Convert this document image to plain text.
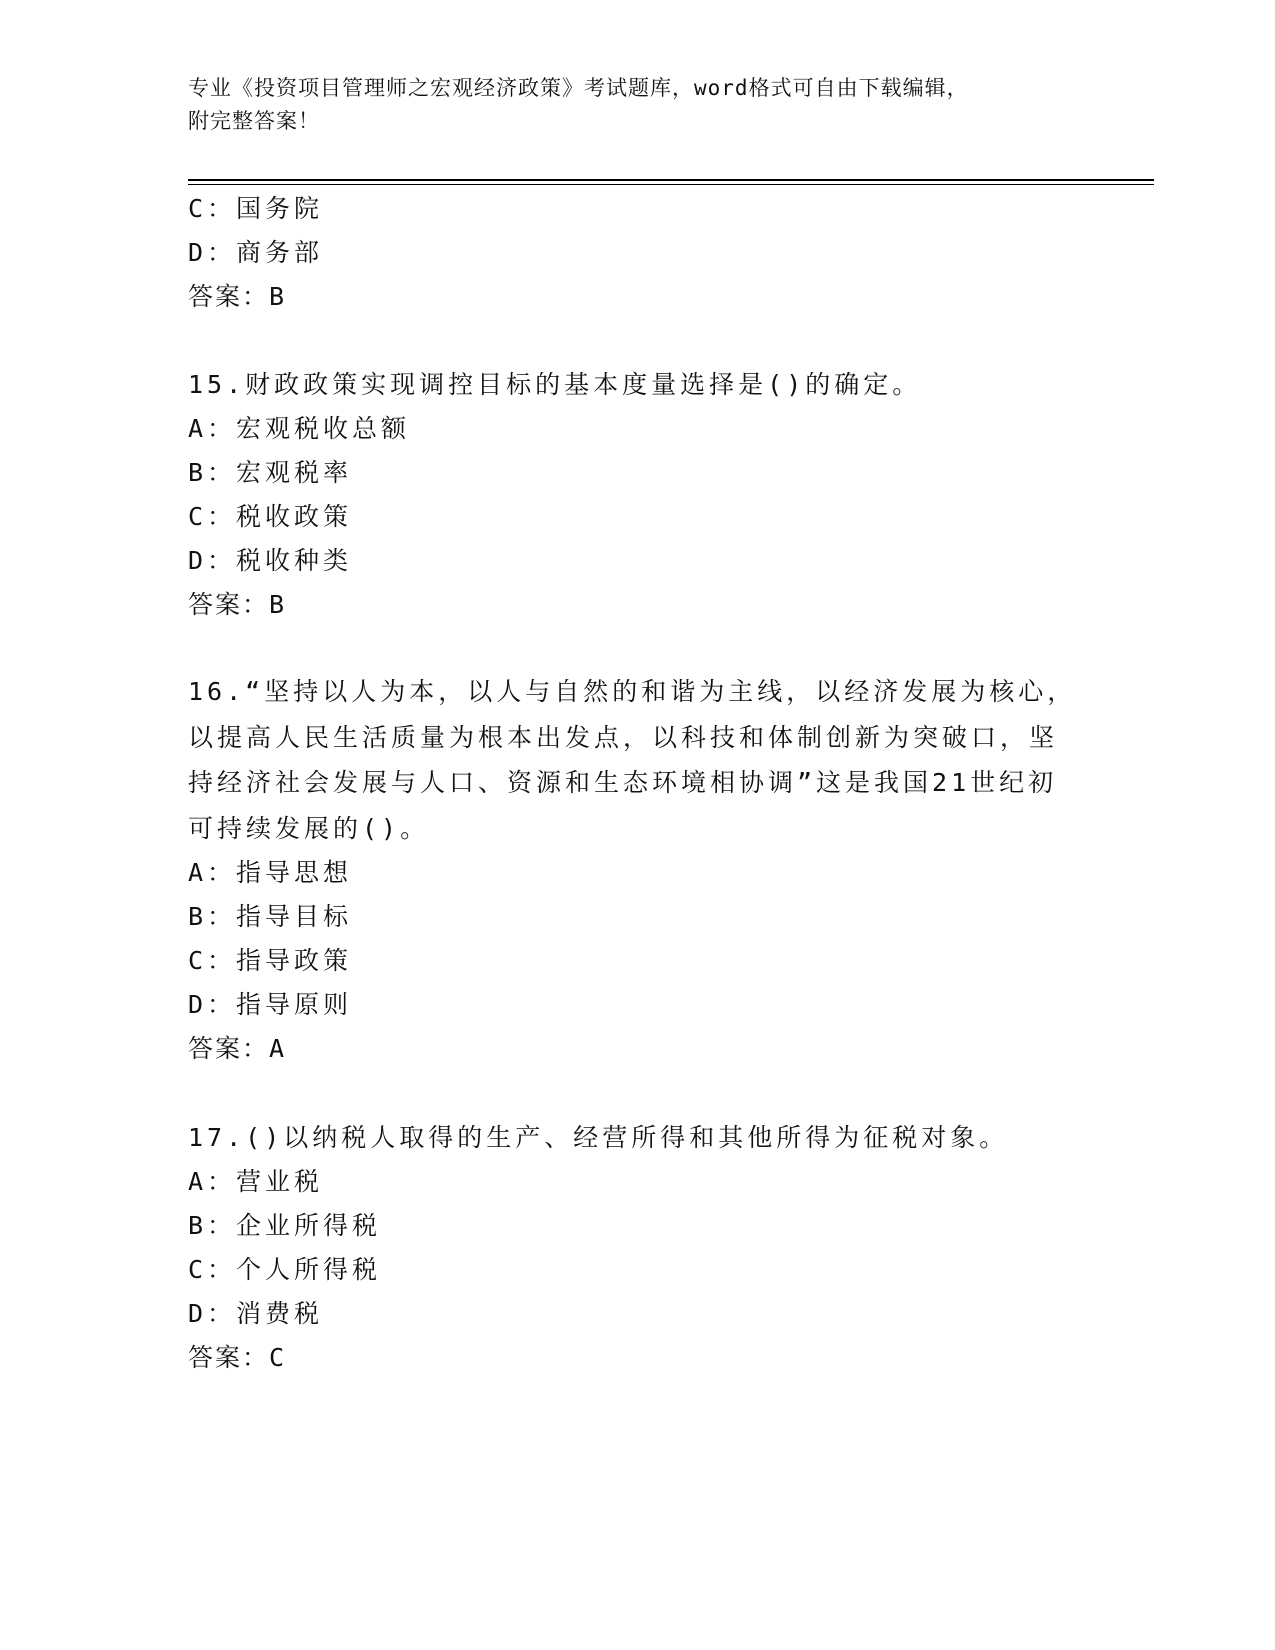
专业《投资项目管理师之宏观经济政策》考试题库，word格式可自由下载编辑，
附完整答案！
C：国务院
D：商务部
答案：B
15.财政政策实现调控目标的基本度量选择是()的确定。
A：宏观税收总额
B：宏观税率
C：税收政策
D：税收种类
答案：B
16.“坚持以人为本，以人与自然的和谐为主线，以经济发展为核心，
以提高人民生活质量为根本出发点，以科技和体制创新为突破口，坚
持经济社会发展与人口、资源和生态环境相协调”这是我国21世纪初
可持续发展的()。
A：指导思想
B：指导目标
C：指导政策
D：指导原则
答案：A
17.()以纳税人取得的生产、经营所得和其他所得为征税对象。
A：营业税
B：企业所得税
C：个人所得税
D：消费税
答案：C
